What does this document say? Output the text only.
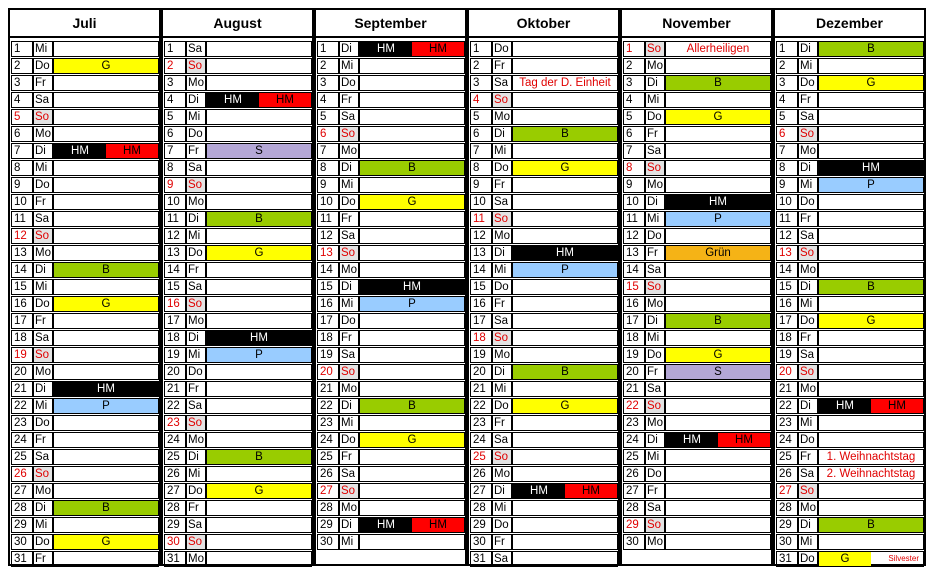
Juli
1	Mi
2	Do	G
3	Fr
4	Sa
5	So
6	Mo
7	Di	HM	HM
8	Mi
9	Do
10 Fr
11 Sa
12 So
13 Mo
14 Di	B
15 Mi
16 Do	G
17 Fr
18 Sa
19 So
20 Mo
21 Di	HM
22 Mi	P
23 Do
24 Fr
25 Sa
26 So
27 Mo
28 Di	B
29 Mi
30 Do	G
31 Fr
August
1	Sa
2	So
3	Mo
4	Di	HM	HM
5	Mi
6	Do
7	Fr	S
8	Sa
9	So
10 Mo
11 Di	B
12 Mi
13 Do	G
14 Fr
15 Sa
16 So
17 Mo
18 Di	HM
19 Mi	P
20 Do
21 Fr
22 Sa
23 So
24 Mo
25 Di	B
26 Mi
27 Do	G
28 Fr
29 Sa
30 So
31 Mo
September
1	Di	HM	HM
2	Mi
3	Do
4	Fr
5	Sa
6	So
7	Mo
8	Di	B
9	Mi
10 Do	G
11 Fr
12 Sa
13 So
14 Mo
15 Di	HM
16 Mi	P
17 Do
18 Fr
19 Sa
20 So
21 Mo
22 Di	B
23 Mi
24 Do	G
25 Fr
26 Sa
27 So
28 Mo
29 Di	HM	HM
30 Mi
Oktober
1	Do
2	Fr
3	Sa Tag der D. Einheit
4	So
5	Mo
6	Di	B
7	Mi
8	Do	G
9	Fr
10 Sa
11 So
12 Mo
13 Di	HM
14 Mi	P
15 Do
16 Fr
17 Sa
18 So
19 Mo
20 Di	B
21 Mi
22 Do	G
23 Fr
24 Sa
25 So
26 Mo
27 Di	HM	HM
28 Mi
29 Do
30 Fr
31 Sa
November
1	So	Allerheiligen
2	Mo
3	Di	B
4	Mi
5	Do	G
6	Fr
7	Sa
8	So
9	Mo
10 Di	HM
11 Mi	P
12 Do
13 Fr	Grün
14 Sa
15 So
16 Mo
17 Di	B
18 Mi
19 Do	G
20 Fr	S
21 Sa
22 So
23 Mo
24 Di	HM	HM
25 Mi
26 Do
27 Fr
28 Sa
29 So
30 Mo
Dezember
1	Di	B
2	Mi
3	Do	G
4	Fr
5	Sa
6	So
7	Mo
8	Di	HM
9	Mi	P
10 Do
11 Fr
12 Sa
13 So
14 Mo
15 Di	B
16 Mi
17 Do	G
18 Fr
19 Sa
20 So
21 Mo
22 Di	HM	HM
23 Mi
24 Do
25 Fr	1. Weihnachtstag
26 Sa	2. Weihnachtstag
27 So
28 Mo
29 Di	B
30 Mi
31 Do	G	Silvester
